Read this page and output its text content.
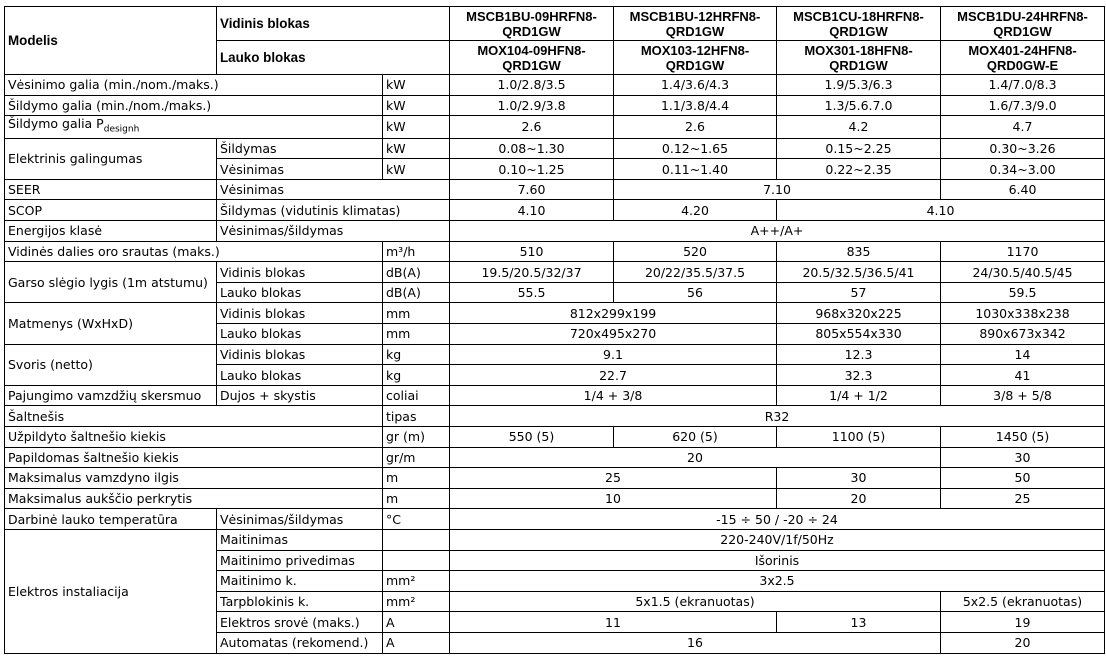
Modelis	Vidinis blokas		MSCB1BU-09HRFN8-QRD1GW	MSCB1BU-12HRFN8-QRD1GW	MSCB1CU-18HRFN8-QRD1GW	MSCB1DU-24HRFN8-QRD1GW
	Lauko blokas		MOX104-09HFN8-QRD1GW	MOX103-12HFN8-QRD1GW	MOX301-18HFN8-QRD1GW	MOX401-24HFN8-QRD0GW-E
Vėsinimo galia (min./nom./maks.)		kW	1.0/2.8/3.5	1.4/3.6/4.3	1.9/5.3/6.3	1.4/7.0/8.3
Šildymo galia (min./nom./maks.)		kW	1.0/2.9/3.8	1.1/3.8/4.4	1.3/5.6.7.0	1.6/7.3/9.0
Šildymo galia $P_{designh}$		kW	2.6	2.6	4.2	4.7
Elektrinis galingumas	Šildymas	kW	0.08~1.30	0.12~1.65	0.15~2.25	0.30~3.26
	Vėsinimas	kW	0.10~1.25	0.11~1.40	0.22~2.35	0.34~3.00
SEER	Vėsinimas		7.60	7.10		6.40
SCOP	Šildymas (vidutinis klimatas)		4.10	4.20	4.10	
Energijos klasė	Vėsinimas/šildymas		A++/A+			
Vidinės dalies oro srautas (maks.)		m³/h	510	520	835	1170
Garso slėgio lygis (1m atstumu)	Vidinis blokas	dB(A)	19.5/20.5/32/37	20/22/35.5/37.5	20.5/32.5/36.5/41	24/30.5/40.5/45
	Lauko blokas	dB(A)	55.5	56	57	59.5
Matmenys (WxHxD)	Vidinis blokas	mm	812x299x199		968x320x225	1030x338x238
	Lauko blokas	mm	720x495x270		805x554x330	890x673x342
Svoris (netto)	Vidinis blokas	kg	9.1		12.3	14
	Lauko blokas	kg	22.7		32.3	41
Pajungimo vamzdžių skersmuo	Dujos + skystis	coliai	1/4 + 3/8		1/4 + 1/2	3/8 + 5/8
Šaltnešis		tipas	R32			
Užpildyto šaltnešio kiekis		gr (m)	550 (5)	620 (5)	1100 (5)	1450 (5)
Papildomas šaltnešio kiekis		gr/m	20			30
Maksimalus vamzdyno ilgis		m	25		30	50
Maksimalus aukščio perkrytis		m	10		20	25
Darbinė lauko temperatūra	Vėsinimas/šildymas	°C	-15 ÷ 50 / -20 ÷ 24			
Elektros instaliacija	Maitinimas		220-240V/1f/50Hz			
	Maitinimo privedimas		Išorinis			
	Maitinimo k.	mm²	3x2.5			
	Tarpblokinis k.	mm²	5x1.5 (ekranuotas)			5x2.5 (ekranuotas)
	Elektros srovė (maks.)	A	11		13	19
	Automatas (rekomend.)	A	16			20
